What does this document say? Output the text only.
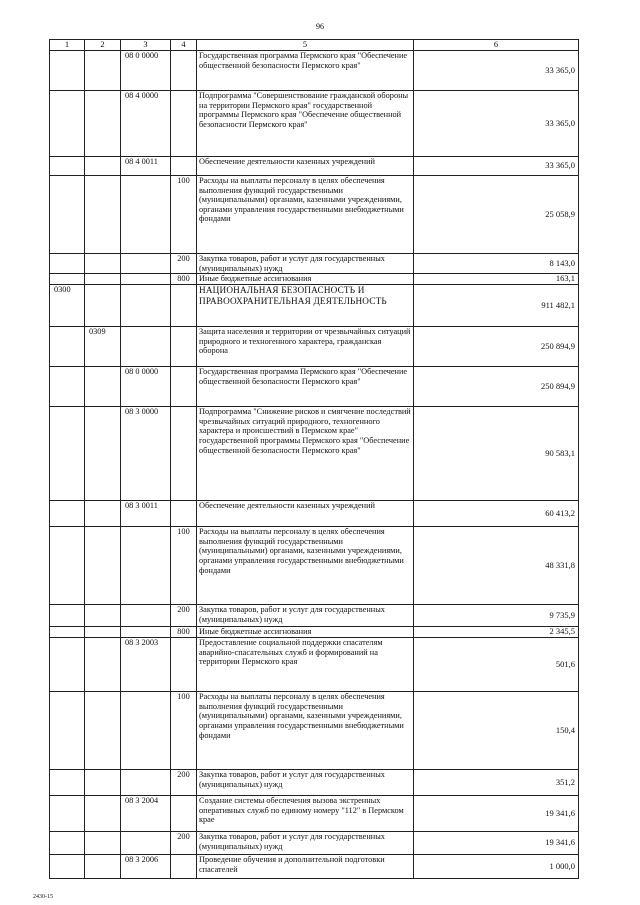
96
1	2	3	4	5	6
		08 0 0000		Государственная программа Пермского края "Обеспечение общественной безопасности Пермского края"	33 365,0
		08 4 0000		Подпрограмма "Совершенствование гражданской обороны на территории Пермского края" государственной программы Пермского края "Обеспечение общественной безопасности Пермского края"	33 365,0
		08 4 0011		Обеспечение деятельности казенных учреждений	33 365,0
			100	Расходы на выплаты персоналу в целях обеспечения выполнения функций государственными (муниципальными) органами, казенными учреждениями, органами управления государственными внебюджетными фондами	25 058,9
			200	Закупка товаров, работ и услуг для государственных (муниципальных) нужд	8 143,0
			800	Иные бюджетные ассигнования	163,1
0300				НАЦИОНАЛЬНАЯ БЕЗОПАСНОСТЬ И ПРАВООХРАНИТЕЛЬНАЯ ДЕЯТЕЛЬНОСТЬ	911 482,1
	0309			Защита населения и территории от чрезвычайных ситуаций природного и техногенного характера, гражданская оборона	250 894,9
		08 0 0000		Государственная программа Пермского края "Обеспечение общественной безопасности Пермского края"	250 894,9
		08 3 0000		Подпрограмма "Снижение рисков и смягчение последствий чрезвычайных ситуаций природного, техногенного характера и происшествий в Пермском крае" государственной программы Пермского края "Обеспечение общественной безопасности Пермского края"	90 583,1
		08 3 0011		Обеспечение деятельности казенных учреждений	60 413,2
			100	Расходы на выплаты персоналу в целях обеспечения выполнения функций государственными (муниципальными) органами, казенными учреждениями, органами управления государственными внебюджетными фондами	48 331,8
			200	Закупка товаров, работ и услуг для государственных (муниципальных) нужд	9 735,9
			800	Иные бюджетные ассигнования	2 345,5
		08 3 2003		Предоставление социальной поддержки спасателям аварийно-спасательных служб и формирований на территории Пермского края	501,6
			100	Расходы на выплаты персоналу в целях обеспечения выполнения функций государственными (муниципальными) органами, казенными учреждениями, органами управления государственными внебюджетными фондами	150,4
			200	Закупка товаров, работ и услуг для государственных (муниципальных) нужд	351,2
		08 3 2004		Создание системы обеспечения вызова экстренных оперативных служб по единому номеру "112" в Пермском крае	19 341,6
			200	Закупка товаров, работ и услуг для государственных (муниципальных) нужд	19 341,6
		08 3 2006		Проведение обучения и дополнительной подготовки спасателей	1 000,0
2430-15
